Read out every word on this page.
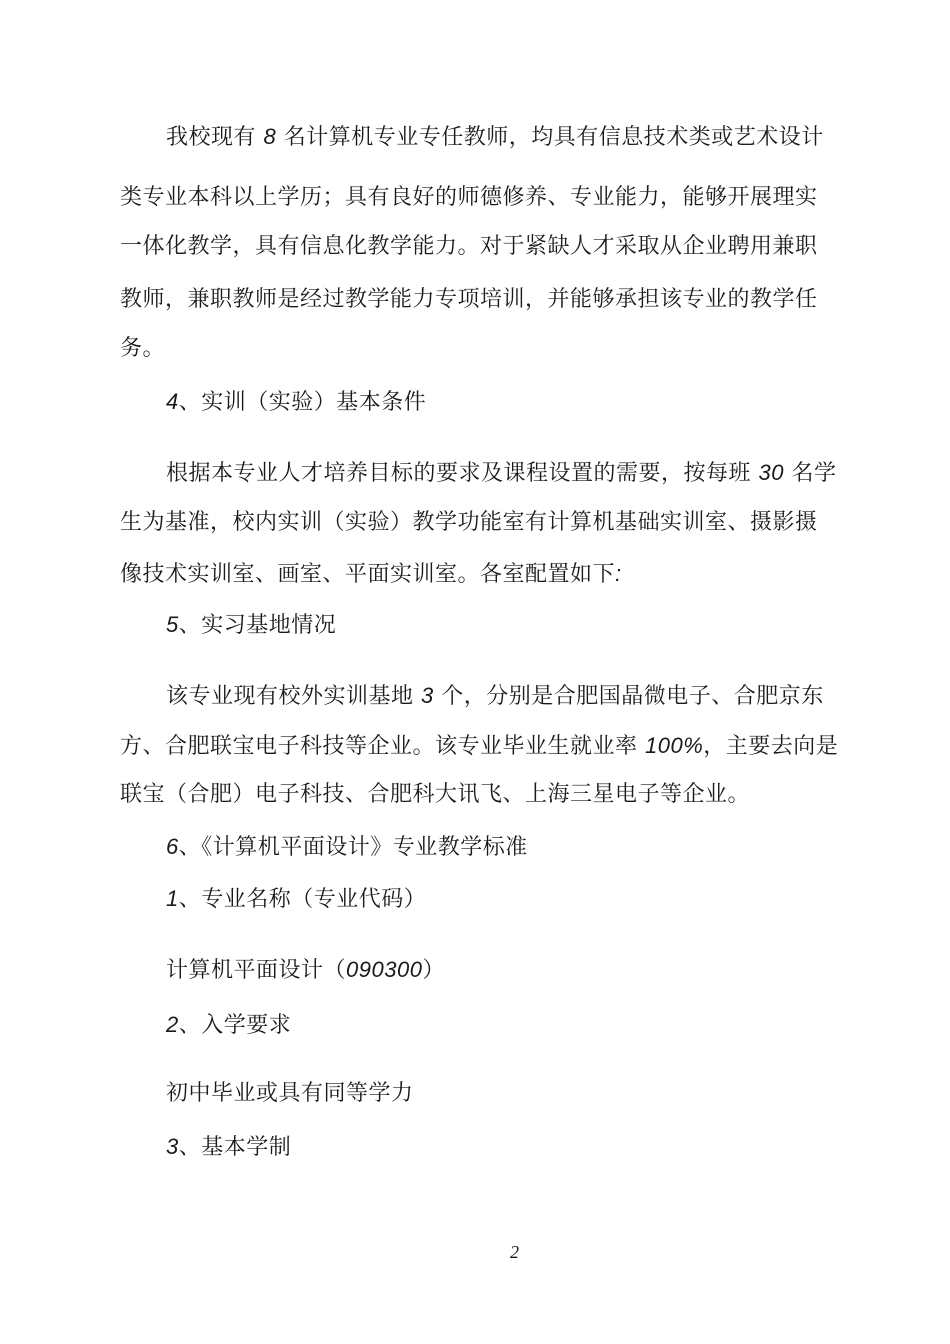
我校现有 8 名计算机专业专任教师，均具有信息技术类或艺术设计
类专业本科以上学历；具有良好的师德修养、专业能力，能够开展理实
一体化教学，具有信息化教学能力。对于紧缺人才采取从企业聘用兼职
教师，兼职教师是经过教学能力专项培训，并能够承担该专业的教学任
务。
4、实训（实验）基本条件
根据本专业人才培养目标的要求及课程设置的需要，按每班 30 名学
生为基准，校内实训（实验）教学功能室有计算机基础实训室、摄影摄
像技术实训室、画室、平面实训室。各室配置如下:
5、实习基地情况
该专业现有校外实训基地 3 个，分别是合肥国晶微电子、合肥京东
方、合肥联宝电子科技等企业。该专业毕业生就业率 100%，主要去向是
联宝（合肥）电子科技、合肥科大讯飞、上海三星电子等企业。
6、《计算机平面设计》专业教学标准
1、专业名称（专业代码）
计算机平面设计（090300）
2、入学要求
初中毕业或具有同等学力
3、基本学制
2
